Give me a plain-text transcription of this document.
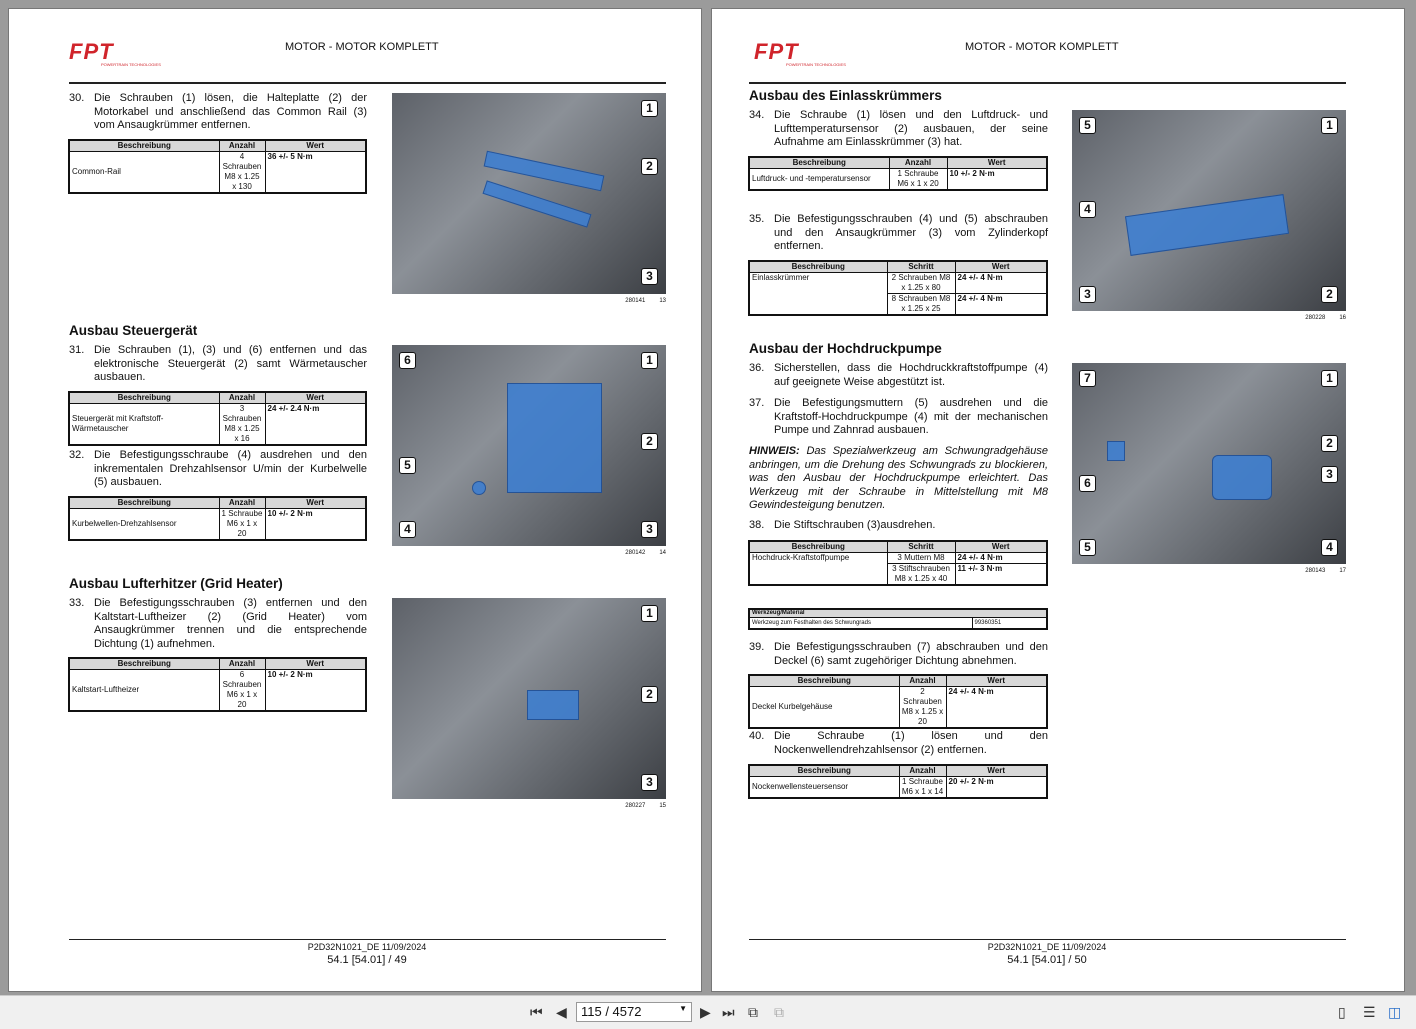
FPT
POWERTRAIN TECHNOLOGIES
MOTOR - MOTOR KOMPLETT
30. Die Schrauben (1) lösen, die Halteplatte (2) der Motorkabel und anschließend das Common Rail (3) vom Ansaugkrümmer entfernen.
Beschreibung	Anzahl	Wert
Common-Rail	4 Schrauben M8 x 1.25 x 130	36 +/- 5 N·m
Ausbau Steuergerät
31. Die Schrauben (1), (3) und (6) entfernen und das elektronische Steuergerät (2) samt Wärmetauscher ausbauen.
Beschreibung	Anzahl	Wert
Steuergerät mit Kraftstoff-Wärmetauscher	3 Schrauben M8 x 1.25 x 16	24 +/- 2.4 N·m
32. Die Befestigungsschraube (4) ausdrehen und den inkrementalen Drehzahlsensor U/min der Kurbelwelle (5) ausbauen.
Beschreibung	Anzahl	Wert
Kurbelwellen-Drehzahlsensor	1 Schraube M6 x 1 x 20	10 +/- 2 N·m
Ausbau Lufterhitzer (Grid Heater)
33. Die Befestigungsschrauben (3) entfernen und den Kaltstart-Luftheizer (2) (Grid Heater) vom Ansaugkrümmer trennen und die entsprechende Dichtung (1) aufnehmen.
Beschreibung	Anzahl	Wert
Kaltstart-Luftheizer	6 Schrauben M6 x 1 x 20	10 +/- 2 N·m
1
2
3
280141 13
6	1
2
5
4	3
280142 14
1
2
3
280227 15
P2D32N1021_DE 11/09/2024
54.1 [54.01] / 49
FPT
POWERTRAIN TECHNOLOGIES
MOTOR - MOTOR KOMPLETT
Ausbau des Einlasskrümmers
34. Die Schraube (1) lösen und den Luftdruck- und Lufttemperatursensor (2) ausbauen, der seine Aufnahme am Einlasskrümmer (3) hat.
Beschreibung	Anzahl	Wert
Luftdruck- und -temperatursensor	1 Schraube M6 x 1 x 20	10 +/- 2 N·m
35. Die Befestigungsschrauben (4) und (5) abschrauben und den Ansaugkrümmer (3) vom Zylinderkopf entfernen.
Beschreibung	Schritt	Wert
Einlasskrümmer	2 Schrauben M8 x 1.25 x 80	24 +/- 4 N·m
	8 Schrauben M8 x 1.25 x 25	24 +/- 4 N·m
Ausbau der Hochdruckpumpe
36. Sicherstellen, dass die Hochdruckkraftstoffpumpe (4) auf geeignete Weise abgestützt ist.
37. Die Befestigungsmuttern (5) ausdrehen und die Kraftstoff-Hochdruckpumpe (4) mit der mechanischen Pumpe und Zahnrad ausbauen.
HINWEIS: Das Spezialwerkzeug am Schwungradgehäuse anbringen, um die Drehung des Schwungrads zu blockieren, was den Ausbau der Hochdruckpumpe erleichtert. Das Werkzeug mit der Schraube in Mittelstellung mit M8 Gewindesteigung benutzen.
38. Die Stiftschrauben (3)ausdrehen.
Beschreibung	Schritt	Wert
Hochdruck-Kraftstoffpumpe	3 Muttern M8	24 +/- 4 N·m
	3 Stiftschrauben M8 x 1.25 x 40	11 +/- 3 N·m
Werkzeug/Material
Werkzeug zum Festhalten des Schwungrads	99360351
39. Die Befestigungsschrauben (7) abschrauben und den Deckel (6) samt zugehöriger Dichtung abnehmen.
Beschreibung	Anzahl	Wert
Deckel Kurbelgehäuse	2 Schrauben M8 x 1.25 x 20	24 +/- 4 N·m
40. Die Schraube (1) lösen und den Nockenwellendrehzahlsensor (2) entfernen.
Beschreibung	Anzahl	Wert
Nockenwellensteuersensor	1 Schraube M6 x 1 x 14	20 +/- 2 N·m
5	1
4
3	2
280228 16
7	1
2
6
3
5	4
280143 17
P2D32N1021_DE 11/09/2024
54.1 [54.01] / 50
⏮ ◀	115 / 4572	▼ ▶ ⏭ ⧉ ⧉	▯ ☰ ◫
